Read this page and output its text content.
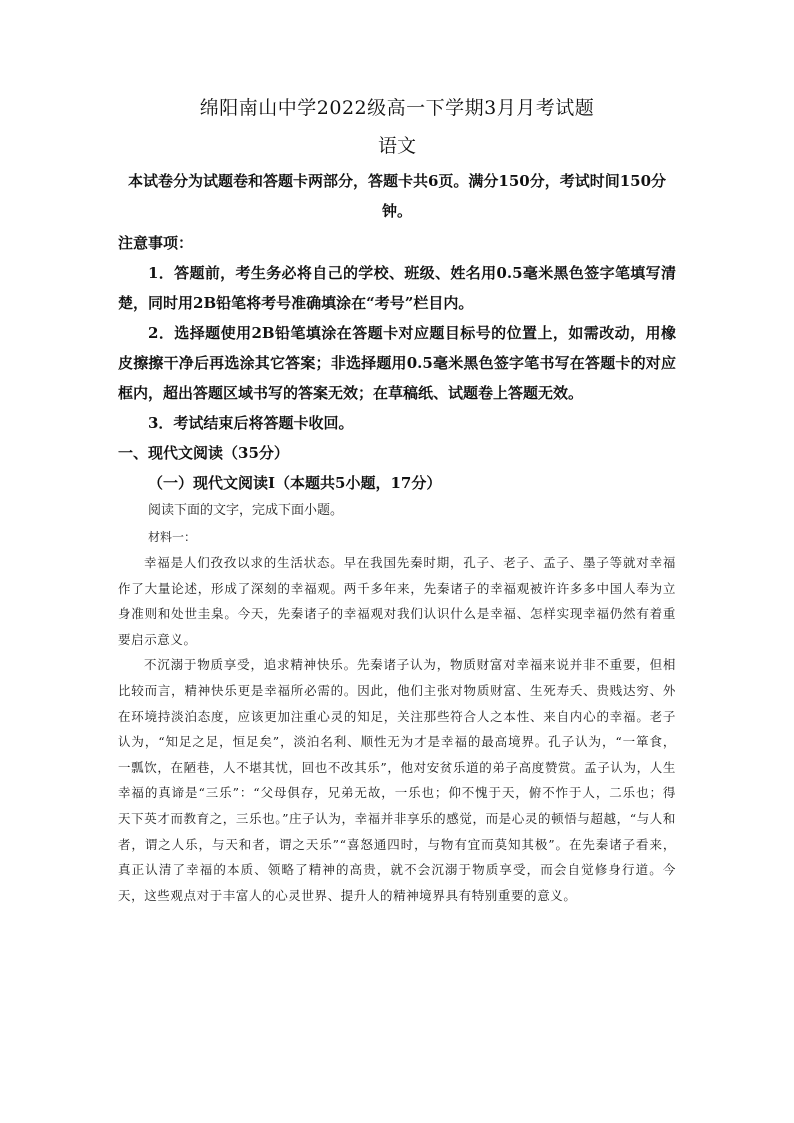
绵阳南山中学2022级高一下学期3月月考试题
语文

本试卷分为试题卷和答题卡两部分，答题卡共6页。满分150分，考试时间150分钟。

注意事项：

1．答题前，考生务必将自己的学校、班级、姓名用0.5毫米黑色签字笔填写清楚，同时用2B铅笔将考号准确填涂在“考号”栏目内。

2．选择题使用2B铅笔填涂在答题卡对应题目标号的位置上，如需改动，用橡皮擦擦干净后再选涂其它答案；非选择题用0.5毫米黑色签字笔书写在答题卡的对应框内，超出答题区域书写的答案无效；在草稿纸、试题卷上答题无效。

3．考试结束后将答题卡收回。

一、现代文阅读（35分）

（一）现代文阅读Ⅰ（本题共5小题，17分）

阅读下面的文字，完成下面小题。

材料一：

幸福是人们孜孜以求的生活状态。早在我国先秦时期，孔子、老子、孟子、墨子等就对幸福作了大量论述，形成了深刻的幸福观。两千多年来，先秦诸子的幸福观被许许多多中国人奉为立身准则和处世圭臬。今天，先秦诸子的幸福观对我们认识什么是幸福、怎样实现幸福仍然有着重要启示意义。

不沉溺于物质享受，追求精神快乐。先秦诸子认为，物质财富对幸福来说并非不重要，但相比较而言，精神快乐更是幸福所必需的。因此，他们主张对物质财富、生死寿夭、贵贱达穷、外在环境持淡泊态度，应该更加注重心灵的知足，关注那些符合人之本性、来自内心的幸福。老子认为，“知足之足，恒足矣”，淡泊名利、顺性无为才是幸福的最高境界。孔子认为，“一箪食，一瓢饮，在陋巷，人不堪其忧，回也不改其乐”，他对安贫乐道的弟子高度赞赏。孟子认为，人生幸福的真谛是“三乐”：“父母俱存，兄弟无故，一乐也；仰不愧于天，俯不怍于人，二乐也；得天下英才而教育之，三乐也。”庄子认为，幸福并非享乐的感觉，而是心灵的顿悟与超越，“与人和者，谓之人乐，与天和者，谓之天乐”“喜怒通四时，与物有宜而莫知其极”。在先秦诸子看来，真正认清了幸福的本质、领略了精神的高贵，就不会沉溺于物质享受，而会自觉修身行道。今天，这些观点对于丰富人的心灵世界、提升人的精神境界具有特别重要的意义。
